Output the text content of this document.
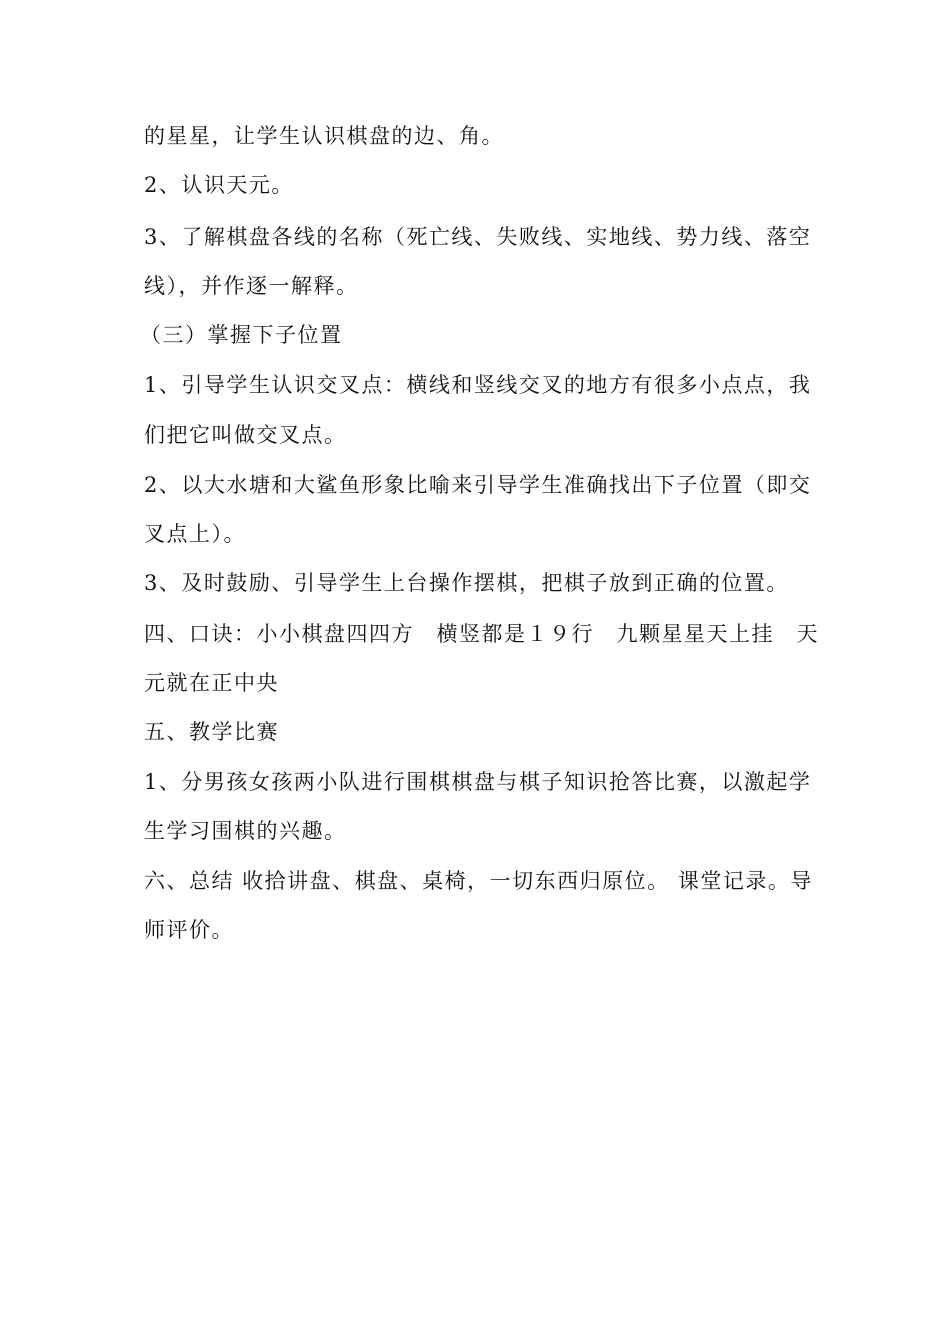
的星星，让学生认识棋盘的边、角。
2、认识天元。
3、了解棋盘各线的名称（死亡线、失败线、实地线、势力线、落空
线），并作逐一解释。
（三）掌握下子位置
1、引导学生认识交叉点：横线和竖线交叉的地方有很多小点点，我
们把它叫做交叉点。
2、以大水塘和大鲨鱼形象比喻来引导学生准确找出下子位置（即交
叉点上）。
3、及时鼓励、引导学生上台操作摆棋，把棋子放到正确的位置。
四、口诀：小小棋盘四四方　横竖都是１９行　九颗星星天上挂　天
元就在正中央
五、教学比赛
1、分男孩女孩两小队进行围棋棋盘与棋子知识抢答比赛，以激起学
生学习围棋的兴趣。
六、总结 收拾讲盘、棋盘、桌椅，一切东西归原位。 课堂记录。导
师评价。
